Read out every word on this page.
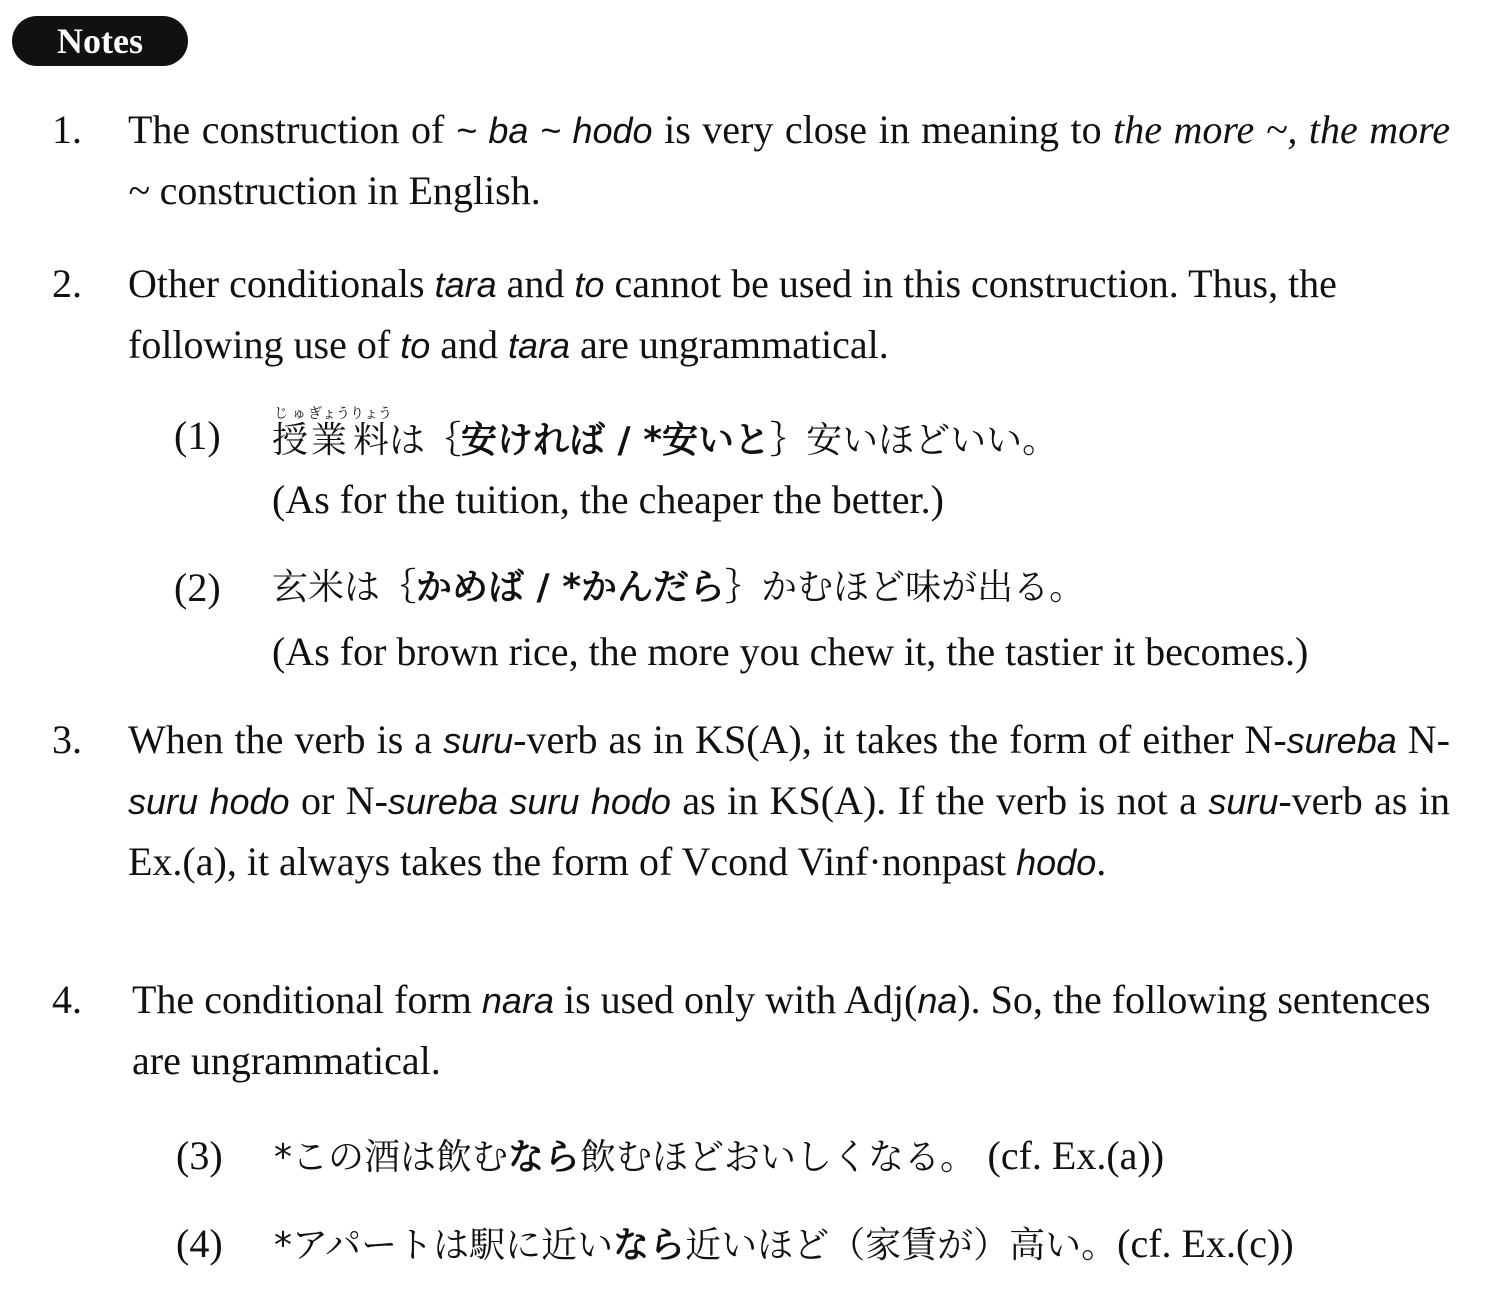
Notes
1. The construction of ~ ba ~ hodo is very close in meaning to the more ~, the more ~ construction in English.
2. Other conditionals tara and to cannot be used in this construction. Thus, the following use of to and tara are ungrammatical.
(1) 授じゅ業ぎょう料りょうは｛安ければ / *安いと｝安いほどいい。
(As for the tuition, the cheaper the better.)
(2) 玄米は｛かめば / *かんだら｝かむほど味が出る。
(As for brown rice, the more you chew it, the tastier it becomes.)
3. When the verb is a suru-verb as in KS(A), it takes the form of either N-sureba N-suru hodo or N-sureba suru hodo as in KS(A). If the verb is not a suru-verb as in Ex.(a), it always takes the form of Vcond Vinf·nonpast hodo.
4. The conditional form nara is used only with Adj(na). So, the following sentences are ungrammatical.
(3) *この酒は飲むなら飲むほどおいしくなる。 (cf. Ex.(a))
(4) *アパートは駅に近いなら近いほど（家賃が）高い。(cf. Ex.(c))
